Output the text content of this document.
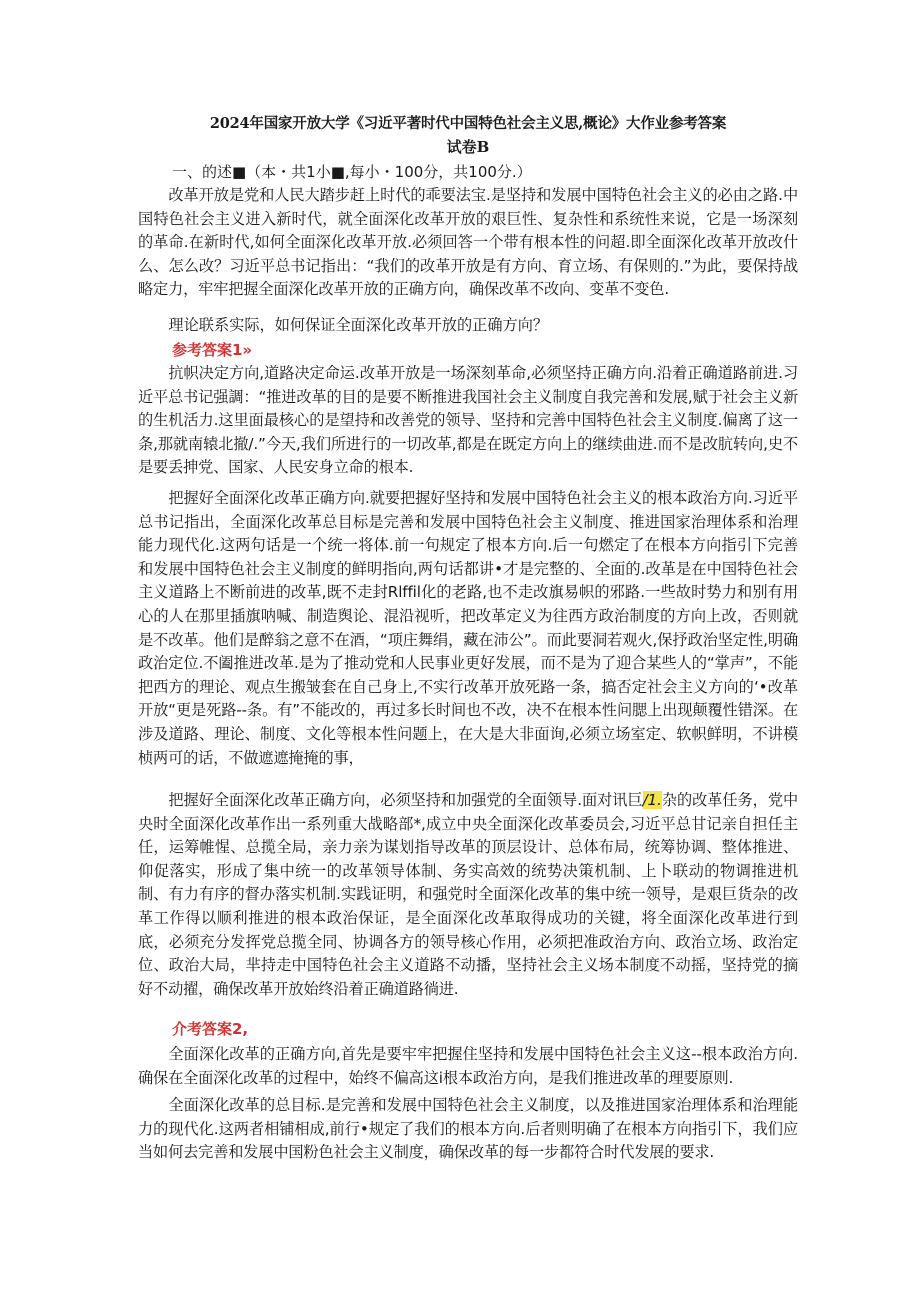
2024年国家开放大学《习近平著时代中国特色社会主义思,概论》大作业参考答案
试卷B
一、的述■（本・共1小■,每小・100分，共100分.）
改革开放是党和人民大踏步赶上时代的乖要法宝.是坚持和发展中国特色社会主义的必由之路.中国特色社会主义进入新时代，就全面深化改革开放的艰巨性、复杂性和系统性来说，它是一场深刻的革命.在新时代,如何全面深化改革开放.必须回答一个带有根本性的问超.即全面深化改革开放改什么、怎么改？习近平总书记指出：“我们的改革开放是有方向、育立场、有保则的.”为此，要保持战略定力，牢牢把握全面深化改革开放的正确方向，确保改革不改向、变革不变色.
理论联系实际，如何保证全面深化改革开放的正确方向？
参考答案1»
抗帜决定方向,道路决定命运.改革开放是一场深刻革命,必须坚持正确方向.沿着正确道路前进.习近平总书记强調：“推进改革的目的是要不断推进我国社会主义制度自我完善和发展,赋于社会主义新的生机活力.这里面最核心的是望持和改善党的领导、坚持和完善中国特色社会主义制度.偏离了这一条,那就南辕北撤/.”今天,我们所进行的一切改革,都是在既定方向上的继续曲进.而不是改肮转向,史不是要丢抻党、国家、人民安身立命的根本.
把握好全面深化改革正确方向.就要把握好坚持和发展中国特色社会主义的根本政治方向.习近平总书记指出，全面深化改革总目标是完善和发展中国特色社会主义制度、推进国家治理体系和治理能力现代化.这两句话是一个统一将体.前一句规定了根本方向.后一句燃定了在根本方向指引下完善和发展中国特色社会主义制度的鲜明指向,两句话都讲•才是完整的、全面的.改革是在中国特色社会主义道路上不断前进的改革,既不走封Rlffil化的老路,也不走改旗易帜的邪路.一些故时势力和别有用心的人在那里插旗呐喊、制造舆论、混沿视听，把改革定义为往西方政治制度的方向上改，否则就是不改革。他们是醉翁之意不在酒，“项庄舞绢，藏在沛公”。而此要洞若观火,保抒政治坚定性,明确政治定位.不阖推进改革.是为了推动党和人民事业更好发展，而不是为了迎合某些人的“掌声”，不能把西方的理论、观点生搬皱套在自己身上,不实行改革开放死路一条，搞否定社会主义方向的‘•改革开放“更是死路--条。有”不能改的，再过多长时间也不改，决不在根本性问腮上出现颠覆性错深。在涉及道路、理论、制度、文化等根本性问题上，在大是大非面询,必须立场室定、软帜鲜明，不讲模桢两可的话，不做遮遮掩掩的事，
把握好全面深化改革正确方向，必须坚持和加强党的全面领导.面对讯巨/1.杂的改革任务，党中央时全面深化改革作出一系列重大战略部*,成立中央全面深化改革委员会,习近平总甘记亲自担任主任，运筹帷惺、总揽全局，亲力亲为谋划指导改革的顶层设计、总体布局，统筹协调、整体推进、仰促落实，形成了集中统一的改革领导体制、务实高效的统势决策机制、上卜联动的物调推进机制、有力有序的督办落实机制.实践证明，和强党时全面深化改革的集中统一领导，是艰巨货杂的改革工作得以顺利推进的根本政治保证，是全面深化改革取得成功的关键，将全面深化改革进行到底，必须充分发挥党总揽全同、协调各方的领导核心作用，必须把准政治方向、政治立场、政治定位、政治大局，芈持走中国特色社会主义道路不动播，坚持社会主义场本制度不动摇，坚持党的摘好不动擢，确保改革开放始终沿着正确道路徜进.
介考答案2,
全面深化改革的正确方向,首先是要牢牢把握住坚持和发展中国特色社会主义这--根本政治方向.确保在全面深化改革的过程中，始终不偏高这i根本政治方向，是我们推进改革的理要原则.
全面深化改革的总目标.是完善和发展中国特色社会主义制度，以及推进国家治理体系和治理能力的现代化.这两者相铺相成,前行•规定了我们的根本方向.后者则明确了在根本方向指引下，我们应当如何去完善和发展中国粉色社会主义制度，确保改革的每一步都符合时代发展的要求.
